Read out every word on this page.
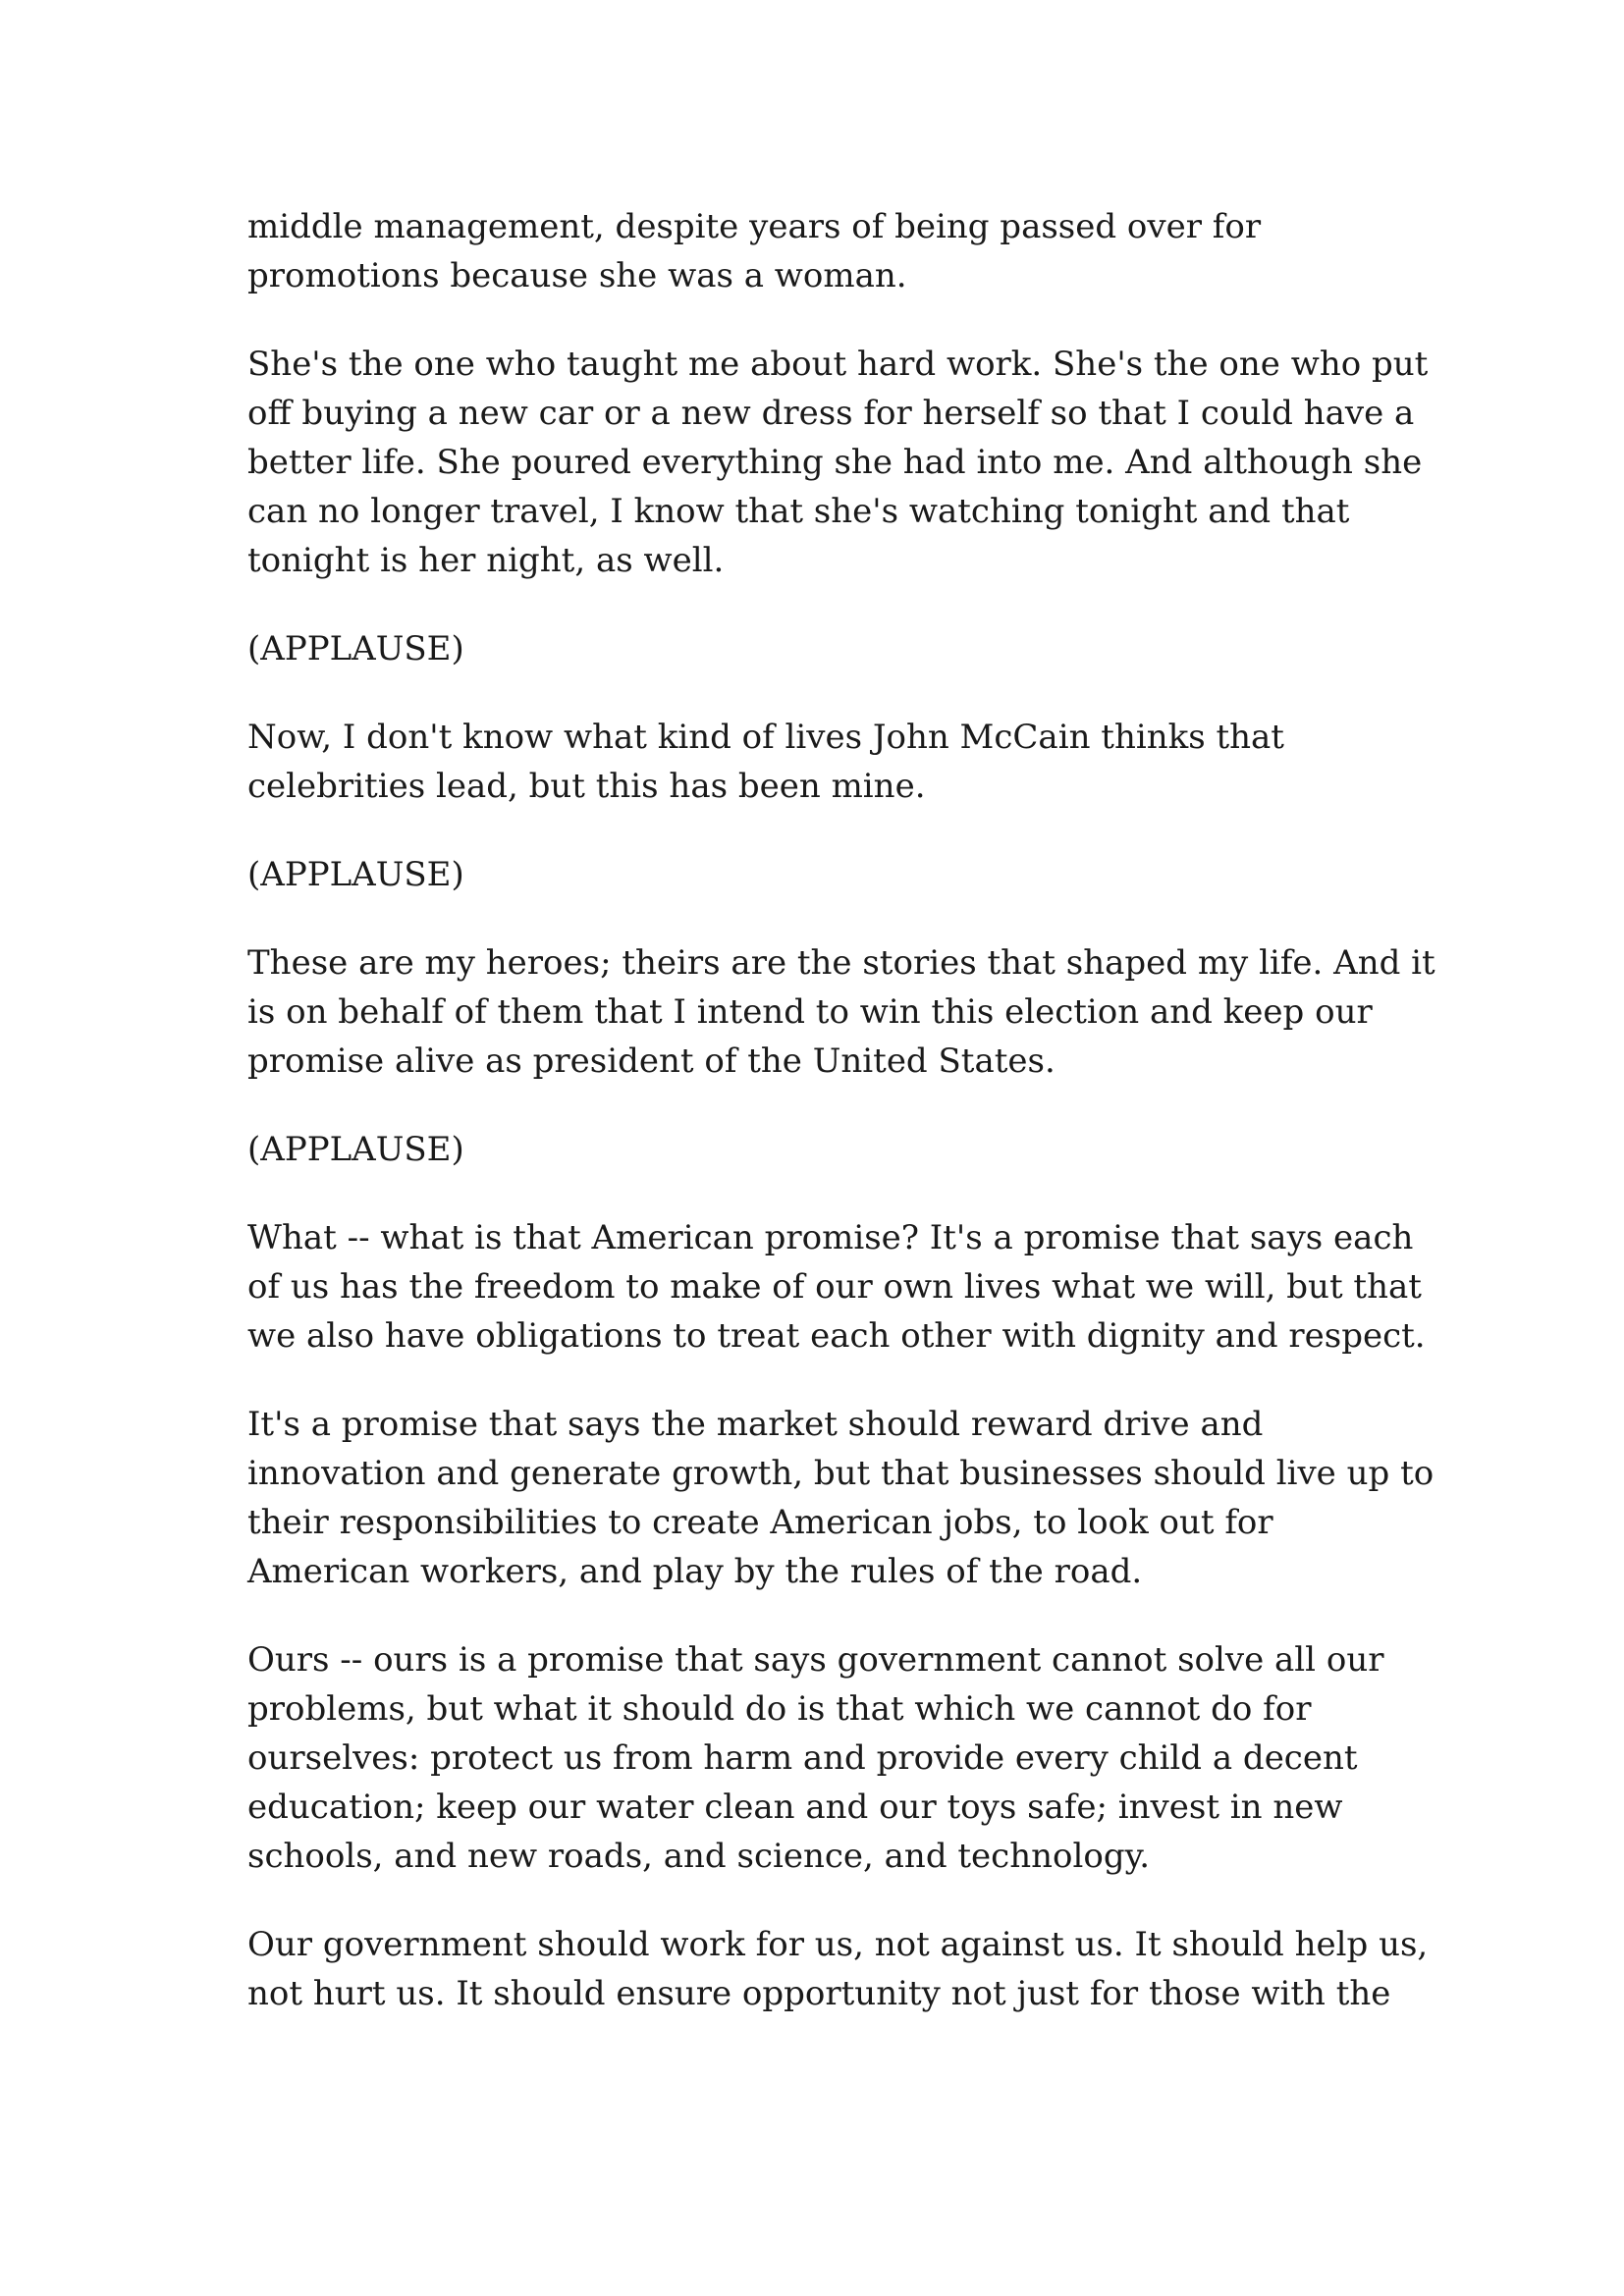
middle management, despite years of being passed over for
promotions because she was a woman.

She's the one who taught me about hard work. She's the one who put
off buying a new car or a new dress for herself so that I could have a
better life. She poured everything she had into me. And although she
can no longer travel, I know that she's watching tonight and that
tonight is her night, as well.

(APPLAUSE)

Now, I don't know what kind of lives John McCain thinks that
celebrities lead, but this has been mine.

(APPLAUSE)

These are my heroes; theirs are the stories that shaped my life. And it
is on behalf of them that I intend to win this election and keep our
promise alive as president of the United States.

(APPLAUSE)

What -- what is that American promise? It's a promise that says each
of us has the freedom to make of our own lives what we will, but that
we also have obligations to treat each other with dignity and respect.

It's a promise that says the market should reward drive and
innovation and generate growth, but that businesses should live up to
their responsibilities to create American jobs, to look out for
American workers, and play by the rules of the road.

Ours -- ours is a promise that says government cannot solve all our
problems, but what it should do is that which we cannot do for
ourselves: protect us from harm and provide every child a decent
education; keep our water clean and our toys safe; invest in new
schools, and new roads, and science, and technology.

Our government should work for us, not against us. It should help us,
not hurt us. It should ensure opportunity not just for those with the
